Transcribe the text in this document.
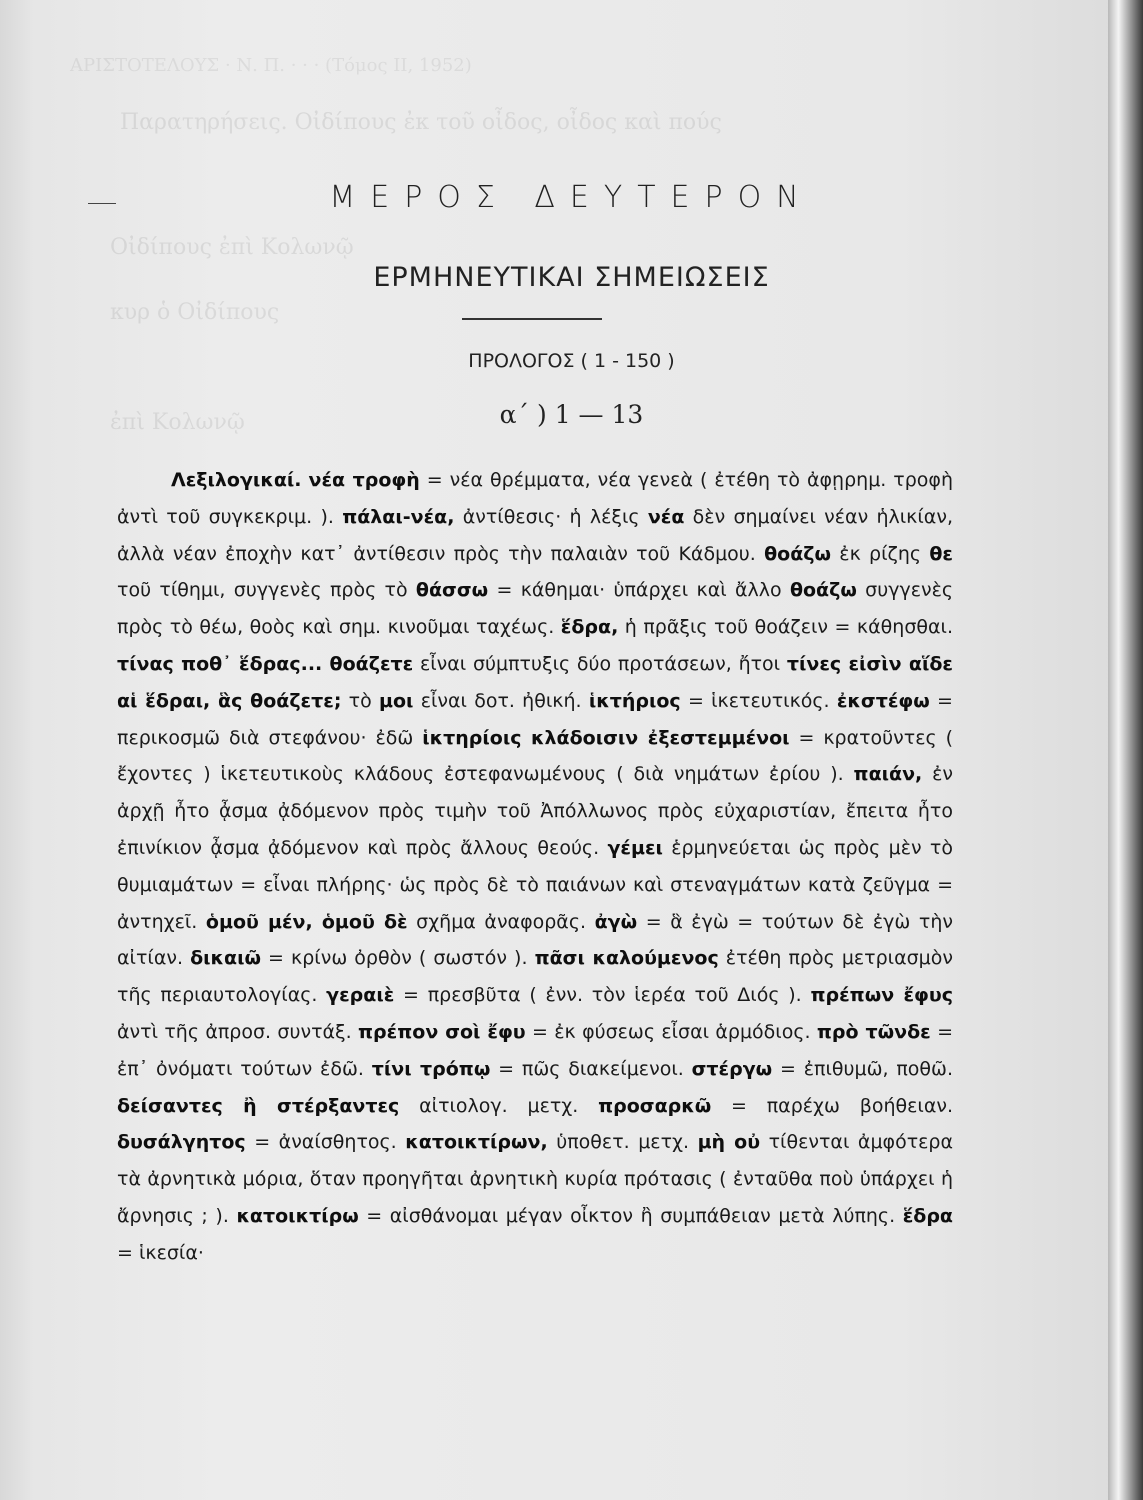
ΑΡΙΣΤΟΤΕΛΟΥΣ · Ν. Π. · · · (Τόμος ΙΙ, 1952)
Παρατηρήσεις. Οἰδίπους ἐκ τοῦ οἶδος, οἶδος καὶ πούς
Οἰδίπους ἐπὶ Κολωνῷ
κυρ ὁ Οἰδίπους
ἐπὶ Κολωνῷ
ΜΕΡΟΣ ΔΕΥΤΕΡΟΝ
ΕΡΜΗΝΕΥΤΙΚΑΙ ΣΗΜΕΙΩΣΕΙΣ
ΠΡΟΛΟΓΟΣ ( 1 - 150 )
α΄ ) 1 — 13

Λεξιλογικαί. νέα τροφὴ = νέα θρέμματα, νέα γενεὰ ( ἐτέθη τὸ ἀφῃρημ. τροφὴ ἀντὶ τοῦ συγκεκριμ. ). πάλαι-νέα, ἀντίθεσις· ἡ λέξις νέα δὲν σημαίνει νέαν ἡλικίαν, ἀλλὰ νέαν ἐποχὴν κατ᾽ ἀντίθεσιν πρὸς τὴν παλαιὰν τοῦ Κάδμου. θοάζω ἐκ ρίζης θε τοῦ τίθημι, συγγενὲς πρὸς τὸ θάσσω = κάθημαι· ὑπάρχει καὶ ἄλλο θοάζω συγγενὲς πρὸς τὸ θέω, θοὸς καὶ σημ. κινοῦμαι ταχέως. ἕδρα, ἡ πρᾶξις τοῦ θοάζειν = κάθησθαι. τίνας ποθ᾽ ἕδρας... θοάζετε εἶναι σύμπτυξις δύο προτάσεων, ἤτοι τίνες εἰσὶν αἵδε αἱ ἕδραι, ἃς θοάζετε; τὸ μοι εἶναι δοτ. ἠθική. ἱκτήριος = ἱκετευτικός. ἐκστέφω = περικοσμῶ διὰ στεφάνου· ἐδῶ ἱκτηρίοις κλάδοισιν ἐξεστεμμένοι = κρατοῦντες ( ἔχοντες ) ἱκετευτικοὺς κλάδους ἐστεφανωμένους ( διὰ νημάτων ἐρίου ). παιάν, ἐν ἀρχῇ ἦτο ᾆσμα ᾀδόμενον πρὸς τιμὴν τοῦ Ἀπόλλωνος πρὸς εὐχαριστίαν, ἔπειτα ἦτο ἐπινίκιον ᾆσμα ᾀδόμενον καὶ πρὸς ἄλλους θεούς. γέμει ἑρμηνεύεται ὡς πρὸς μὲν τὸ θυμιαμάτων = εἶναι πλήρης· ὡς πρὸς δὲ τὸ παιάνων καὶ στεναγμάτων κατὰ ζεῦγμα = ἀντηχεῖ. ὁμοῦ μέν, ὁμοῦ δὲ σχῆμα ἀναφορᾶς. ἀγὼ = ἃ ἐγὼ = τούτων δὲ ἐγὼ τὴν αἰτίαν. δικαιῶ = κρίνω ὀρθὸν ( σωστόν ). πᾶσι καλούμενος ἐτέθη πρὸς μετριασμὸν τῆς περιαυτολογίας. γεραιὲ = πρεσβῦτα ( ἐνν. τὸν ἱερέα τοῦ Διός ). πρέπων ἔφυς ἀντὶ τῆς ἀπροσ. συντάξ. πρέπον σοὶ ἔφυ = ἐκ φύσεως εἶσαι ἁρμόδιος. πρὸ τῶνδε = ἐπ᾽ ὀνόματι τούτων ἐδῶ. τίνι τρόπῳ = πῶς διακείμενοι. στέργω = ἐπιθυμῶ, ποθῶ. δείσαντες ἢ στέρξαντες αἰτιολογ. μετχ. προσαρκῶ = παρέχω βοήθειαν. δυσάλγητος = ἀναίσθητος. κατοικτίρων, ὑποθετ. μετχ. μὴ οὐ τίθενται ἀμφότερα τὰ ἀρνητικὰ μόρια, ὅταν προηγῆται ἀρνητικὴ κυρία πρότασις ( ἐνταῦθα ποὺ ὑπάρχει ἡ ἄρνησις ; ). κατοικτίρω = αἰσθάνομαι μέγαν οἶκτον ἢ συμπάθειαν μετὰ λύπης. ἕδρα = ἱκεσία·
